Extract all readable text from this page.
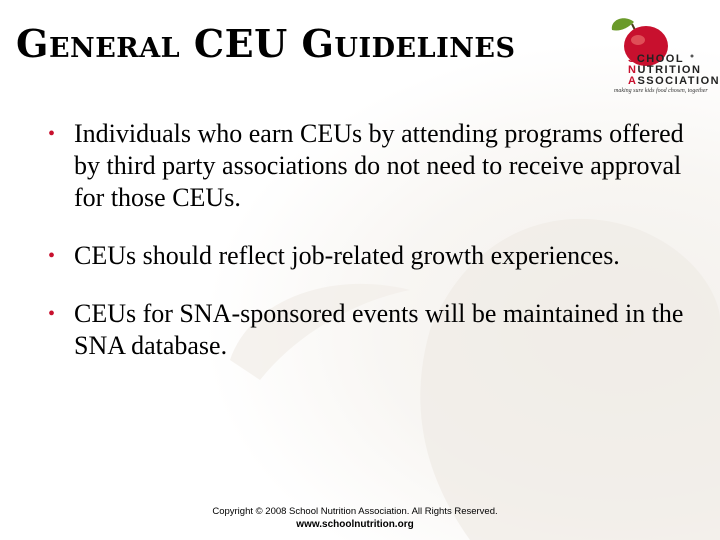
General CEU Guidelines	SCHOOL
NUTRITION
ASSOCIATION
making sure kids food chosen, together
• Individuals who earn CEUs by attending programs offered by third party associations do not need to receive approval for those CEUs.
• CEUs should reflect job-related growth experiences.
• CEUs for SNA-sponsored events will be maintained in the SNA database.
Copyright © 2008 School Nutrition Association. All Rights Reserved.
www.schoolnutrition.org
